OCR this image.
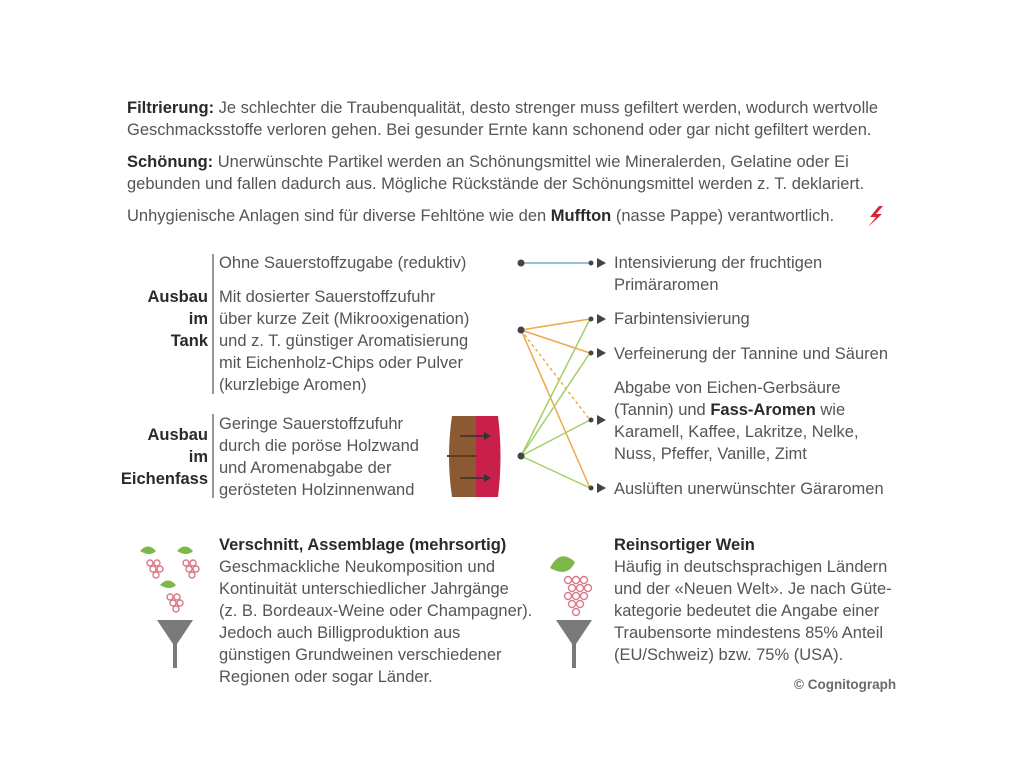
Filtrierung: Je schlechter die Traubenqualität, desto strenger muss gefiltert werden, wodurch wertvolle
Geschmacksstoffe verloren gehen. Bei gesunder Ernte kann schonend oder gar nicht gefiltert werden.
Schönung: Unerwünschte Partikel werden an Schönungsmittel wie Mineralerden, Gelatine oder Ei
gebunden und fallen dadurch aus. Mögliche Rückstände der Schönungsmittel werden z. T. deklariert.
Unhygienische Anlagen sind für diverse Fehltöne wie den Muffton (nasse Pappe) verantwortlich.
Ausbau
im
Tank
Ausbau
im
Eichenfass
Ohne Sauerstoffzugabe (reduktiv)
Mit dosierter Sauerstoffzufuhr
über kurze Zeit (Mikrooxigenation)
und z. T. günstiger Aromatisierung
mit Eichenholz-Chips oder Pulver
(kurzlebige Aromen)
Geringe Sauerstoffzufuhr
durch die poröse Holzwand
und Aromenabgabe der
gerösteten Holzinnenwand
Intensivierung der fruchtigen
Primäraromen
Farbintensivierung
Verfeinerung der Tannine und Säuren
Abgabe von Eichen-Gerbsäure
(Tannin) und Fass-Aromen wie
Karamell, Kaffee, Lakritze, Nelke,
Nuss, Pfeffer, Vanille, Zimt
Auslüften unerwünschter Gäraromen
Verschnitt, Assemblage (mehrsortig)
Geschmackliche Neukomposition und
Kontinuität unterschiedlicher Jahrgänge
(z. B. Bordeaux-Weine oder Champagner).
Jedoch auch Billigproduktion aus
günstigen Grundweinen verschiedener
Regionen oder sogar Länder.
Reinsortiger Wein
Häufig in deutschsprachigen Ländern
und der «Neuen Welt». Je nach Güte-
kategorie bedeutet die Angabe einer
Traubensorte mindestens 85% Anteil
(EU/Schweiz) bzw. 75% (USA).
© Cognitograph
